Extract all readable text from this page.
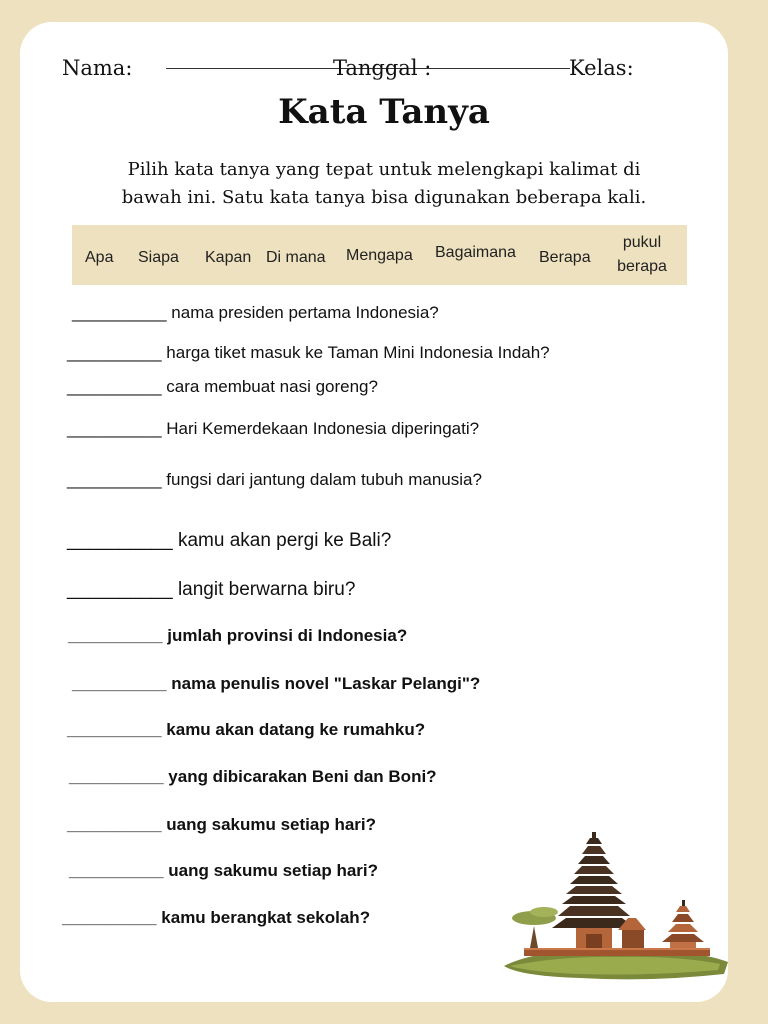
Nama:	Tanggal :	Kelas:
Kata Tanya
Pilih kata tanya yang tepat untuk melengkapi kalimat di
bawah ini. Satu kata tanya bisa digunakan beberapa kali.
Apa Siapa Kapan Di mana Mengapa Bagaimana Berapa
pukul
berapa
__________ nama presiden pertama Indonesia?
__________ harga tiket masuk ke Taman Mini Indonesia Indah?
__________ cara membuat nasi goreng?
__________ Hari Kemerdekaan Indonesia diperingati?
__________ fungsi dari jantung dalam tubuh manusia?
__________ kamu akan pergi ke Bali?
__________ langit berwarna biru?
__________ jumlah provinsi di Indonesia?
__________ nama penulis novel "Laskar Pelangi"?
__________ kamu akan datang ke rumahku?
__________ yang dibicarakan Beni dan Boni?
__________ uang sakumu setiap hari?
__________ uang sakumu setiap hari?
__________ kamu berangkat sekolah?
